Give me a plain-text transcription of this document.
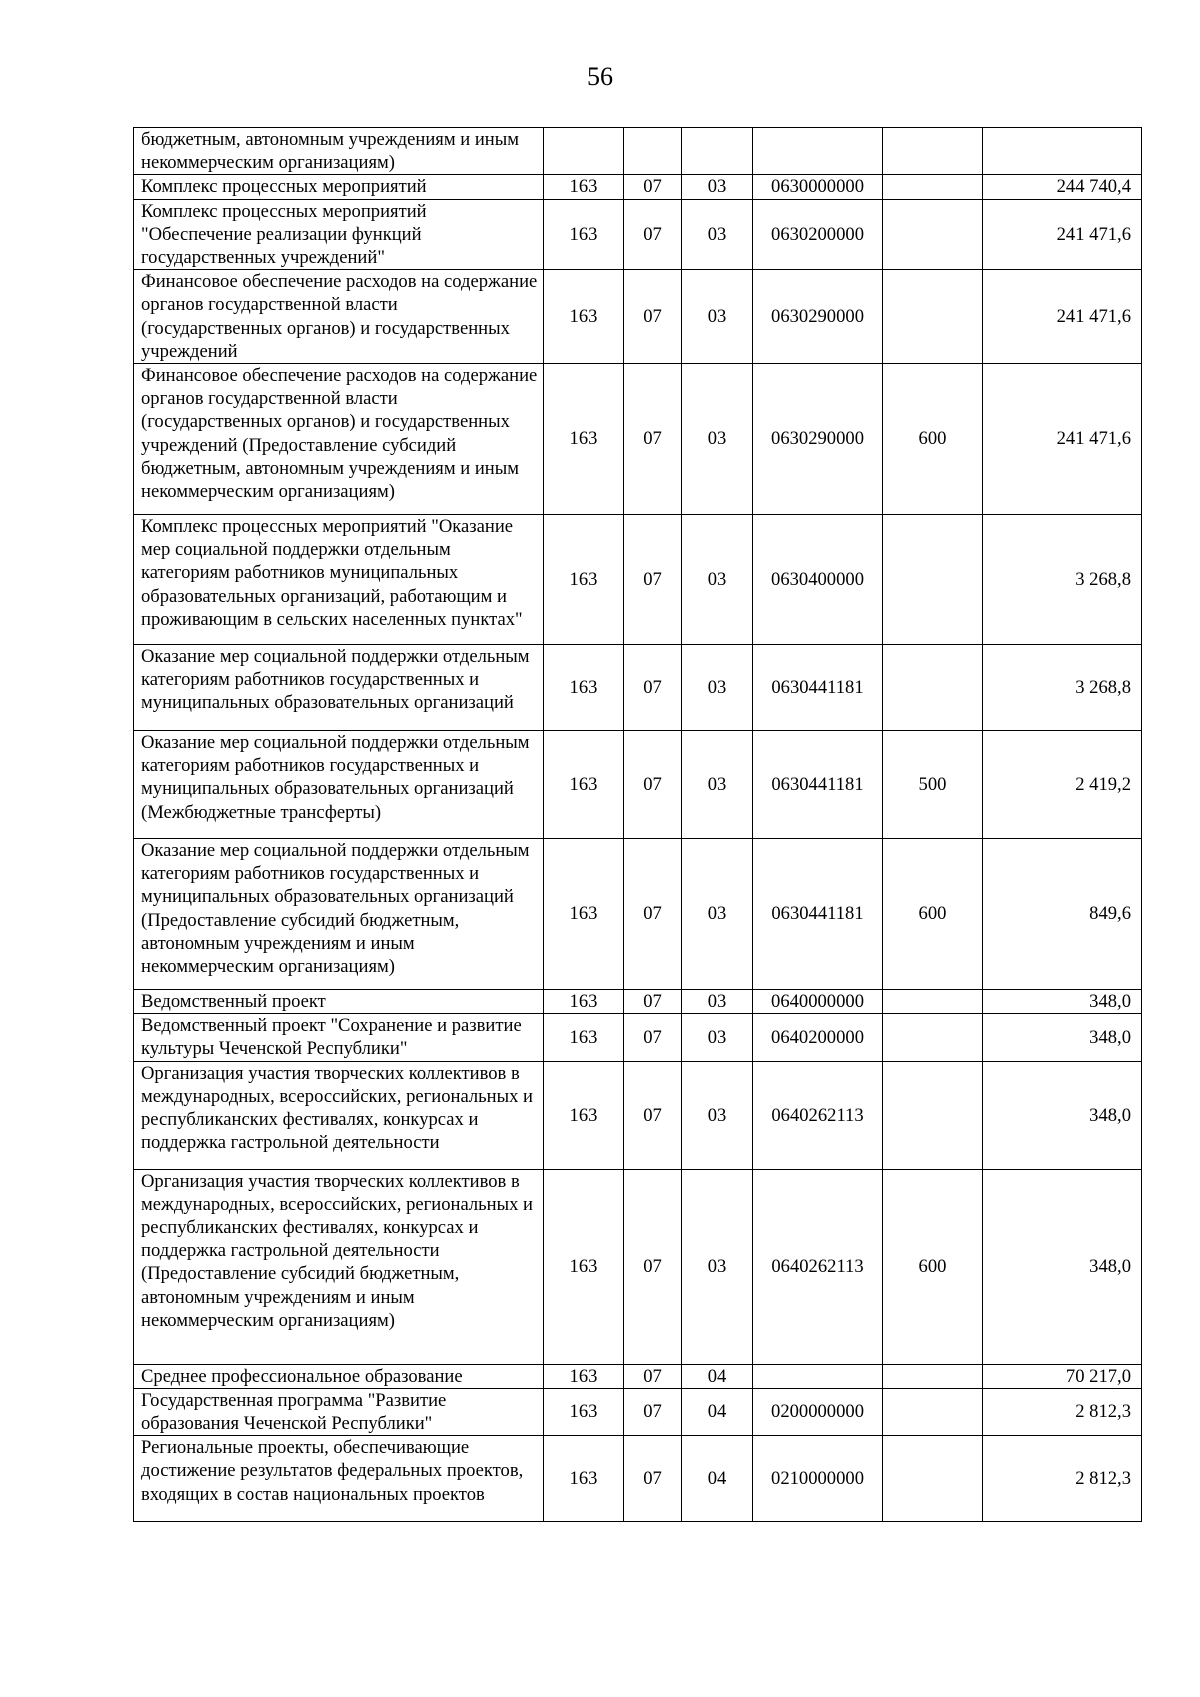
56
бюджетным, автономным учреждениям и иным некоммерческим организациям)						
Комплекс процессных мероприятий	163	07	03	0630000000		244 740,4
Комплекс процессных мероприятий "Обеспечение реализации функций государственных учреждений"	163	07	03	0630200000		241 471,6
Финансовое обеспечение расходов на содержание органов государственной власти (государственных органов) и государственных учреждений	163	07	03	0630290000		241 471,6
Финансовое обеспечение расходов на содержание органов государственной власти (государственных органов) и государственных учреждений (Предоставление субсидий бюджетным, автономным учреждениям и иным некоммерческим организациям)	163	07	03	0630290000	600	241 471,6
Комплекс процессных мероприятий "Оказание мер социальной поддержки отдельным категориям работников муниципальных образовательных организаций, работающим и проживающим в сельских населенных пунктах"	163	07	03	0630400000		3 268,8
Оказание мер социальной поддержки отдельным категориям работников государственных и муниципальных образовательных организаций	163	07	03	0630441181		3 268,8
Оказание мер социальной поддержки отдельным категориям работников государственных и муниципальных образовательных организаций (Межбюджетные трансферты)	163	07	03	0630441181	500	2 419,2
Оказание мер социальной поддержки отдельным категориям работников государственных и муниципальных образовательных организаций (Предоставление субсидий бюджетным, автономным учреждениям и иным некоммерческим организациям)	163	07	03	0630441181	600	849,6
Ведомственный проект	163	07	03	0640000000		348,0
Ведомственный проект "Сохранение и развитие культуры Чеченской Республики"	163	07	03	0640200000		348,0
Организация участия творческих коллективов в международных, всероссийских, региональных и республиканских фестивалях, конкурсах и поддержка гастрольной деятельности	163	07	03	0640262113		348,0
Организация участия творческих коллективов в международных, всероссийских, региональных и республиканских фестивалях, конкурсах и поддержка гастрольной деятельности (Предоставление субсидий бюджетным, автономным учреждениям и иным некоммерческим организациям)	163	07	03	0640262113	600	348,0
Среднее профессиональное образование	163	07	04			70 217,0
Государственная программа "Развитие образования Чеченской Республики"	163	07	04	0200000000		2 812,3
Региональные проекты, обеспечивающие достижение результатов федеральных проектов, входящих в состав национальных проектов	163	07	04	0210000000		2 812,3
